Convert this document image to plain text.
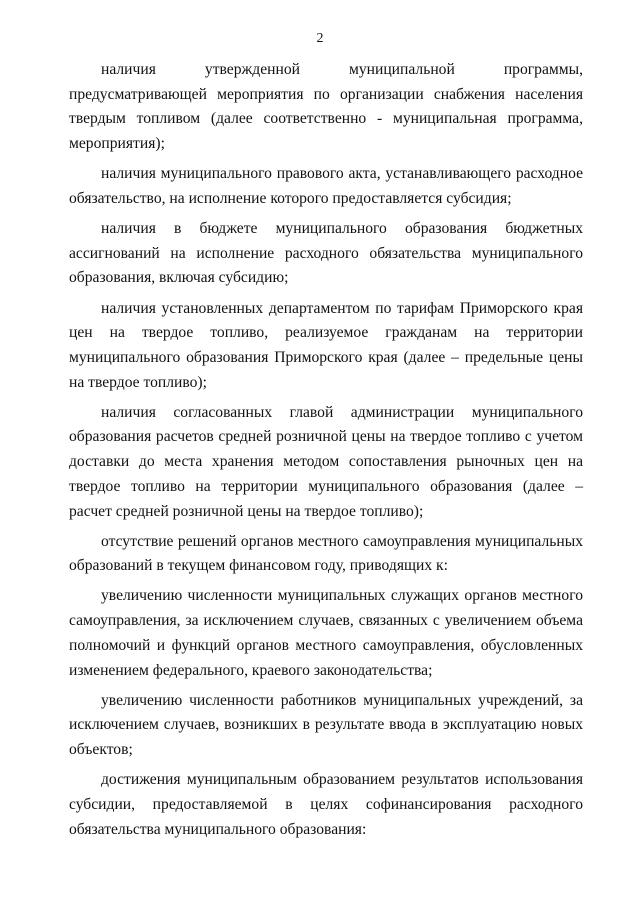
2

наличия утвержденной муниципальной программы, предусматривающей мероприятия по организации снабжения населения твердым топливом (далее соответственно - муниципальная программа, мероприятия);

наличия муниципального правового акта, устанавливающего расходное обязательство, на исполнение которого предоставляется субсидия;

наличия в бюджете муниципального образования бюджетных ассигнований на исполнение расходного обязательства муниципального образования, включая субсидию;

наличия установленных департаментом по тарифам Приморского края цен на твердое топливо, реализуемое гражданам на территории муниципального образования Приморского края (далее – предельные цены на твердое топливо);

наличия согласованных главой администрации муниципального образования расчетов средней розничной цены на твердое топливо с учетом доставки до места хранения методом сопоставления рыночных цен на твердое топливо на территории муниципального образования (далее – расчет средней розничной цены на твердое топливо);

отсутствие решений органов местного самоуправления муниципальных образований в текущем финансовом году, приводящих к:

увеличению численности муниципальных служащих органов местного самоуправления, за исключением случаев, связанных с увеличением объема полномочий и функций органов местного самоуправления, обусловленных изменением федерального, краевого законодательства;

увеличению численности работников муниципальных учреждений, за исключением случаев, возникших в результате ввода в эксплуатацию новых объектов;

достижения муниципальным образованием результатов использования субсидии, предоставляемой в целях софинансирования расходного обязательства муниципального образования:
